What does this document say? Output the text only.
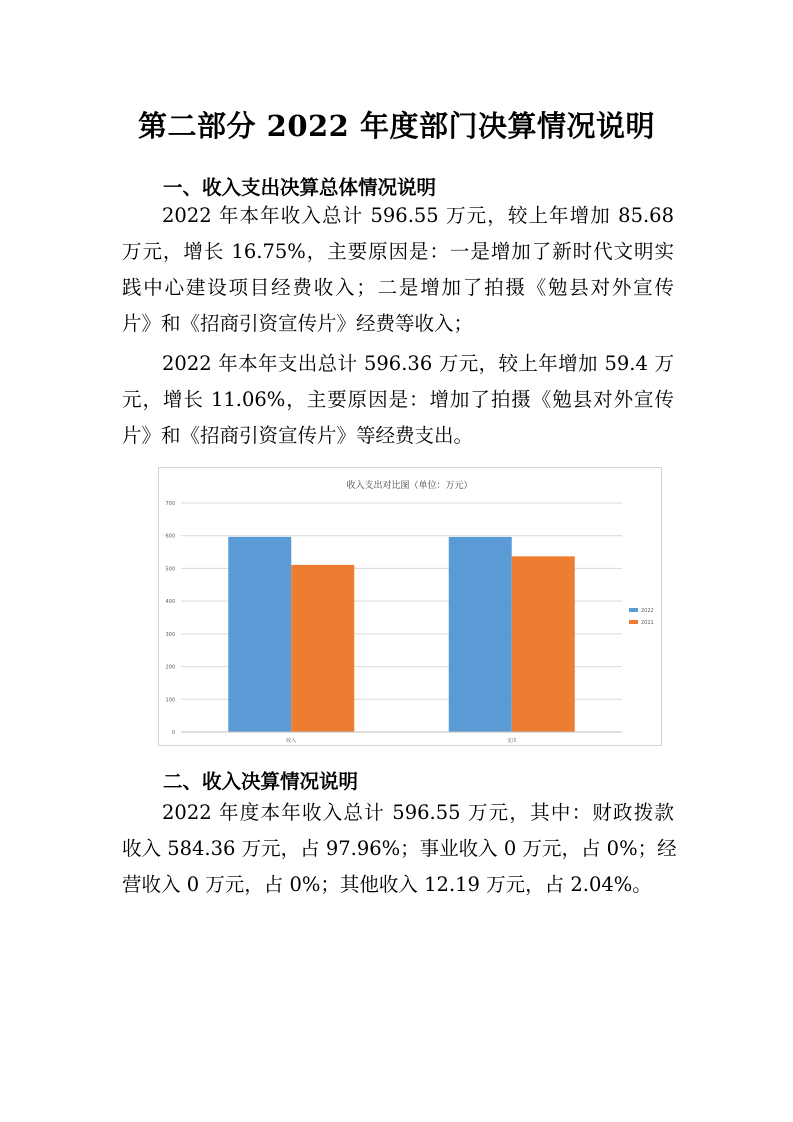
第二部分 2022 年度部门决算情况说明
一、收入支出决算总体情况说明
2022 年本年收入总计 596.55 万元，较上年增加 85.68
万元，增长 16.75%，主要原因是：一是增加了新时代文明实
践中心建设项目经费收入；二是增加了拍摄《勉县对外宣传
片》和《招商引资宣传片》经费等收入；
2022 年本年支出总计 596.36 万元，较上年增加 59.4 万
元，增长 11.06%，主要原因是：增加了拍摄《勉县对外宣传
片》和《招商引资宣传片》等经费支出。
收入支出对比图（单位：万元）
0
100
200
300
400
500
600
700
收入	支出
2022
2021
二、收入决算情况说明
2022 年度本年收入总计 596.55 万元，其中：财政拨款
收入 584.36 万元，占 97.96%；事业收入 0 万元，占 0%；经
营收入 0 万元，占 0%；其他收入 12.19 万元，占 2.04%。
